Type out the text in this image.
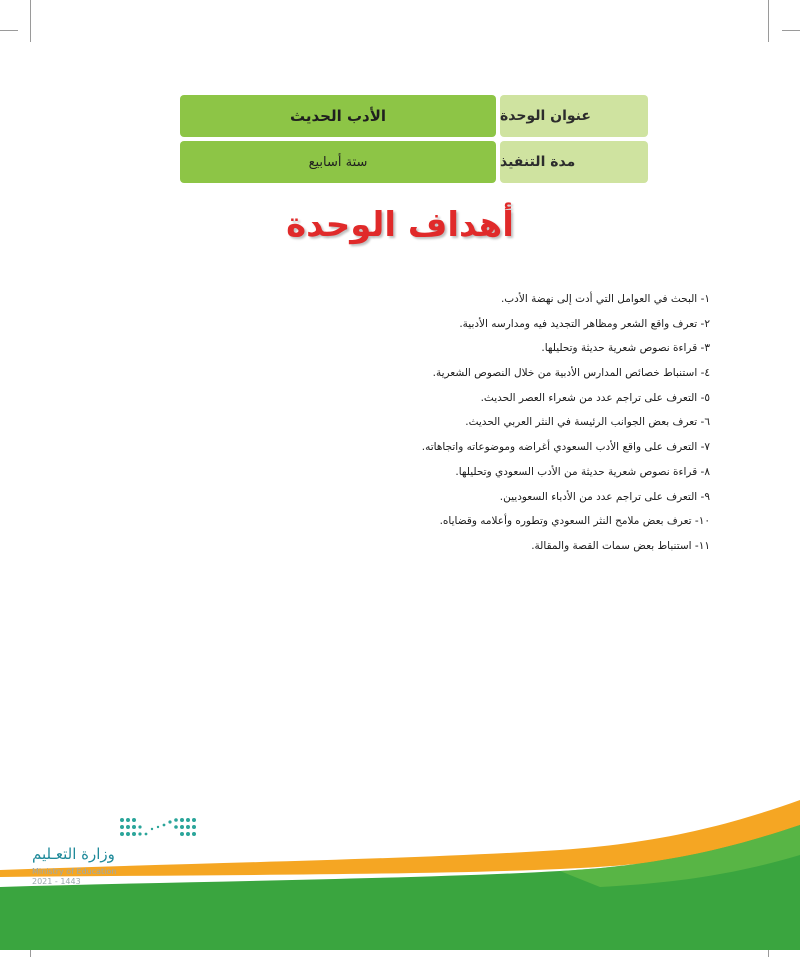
عنوان الوحدة
الأدب الحديث
مدة التنفيذ
ستة أسابيع
أهداف الوحدة
١- البحث في العوامل التي أدت إلى نهضة الأدب.
٢- تعرف واقع الشعر ومظاهر التجديد فيه ومدارسه الأدبية.
٣- قراءة نصوص شعرية حديثة وتحليلها.
٤- استنباط خصائص المدارس الأدبية من خلال النصوص الشعرية.
٥- التعرف على تراجم عدد من شعراء العصر الحديث.
٦- تعرف بعض الجوانب الرئيسة في النثر العربي الحديث.
٧- التعرف على واقع الأدب السعودي أغراضه وموضوعاته واتجاهاته.
٨- قراءة نصوص شعرية حديثة من الأدب السعودي وتحليلها.
٩- التعرف على تراجم عدد من الأدباء السعوديين.
١٠- تعرف بعض ملامح النثر السعودي وتطوره وأعلامه وقضاياه.
١١- استنباط بعض سمات القصة والمقالة.
وزارة التعـليم
Ministry of Education
2021 - 1443
